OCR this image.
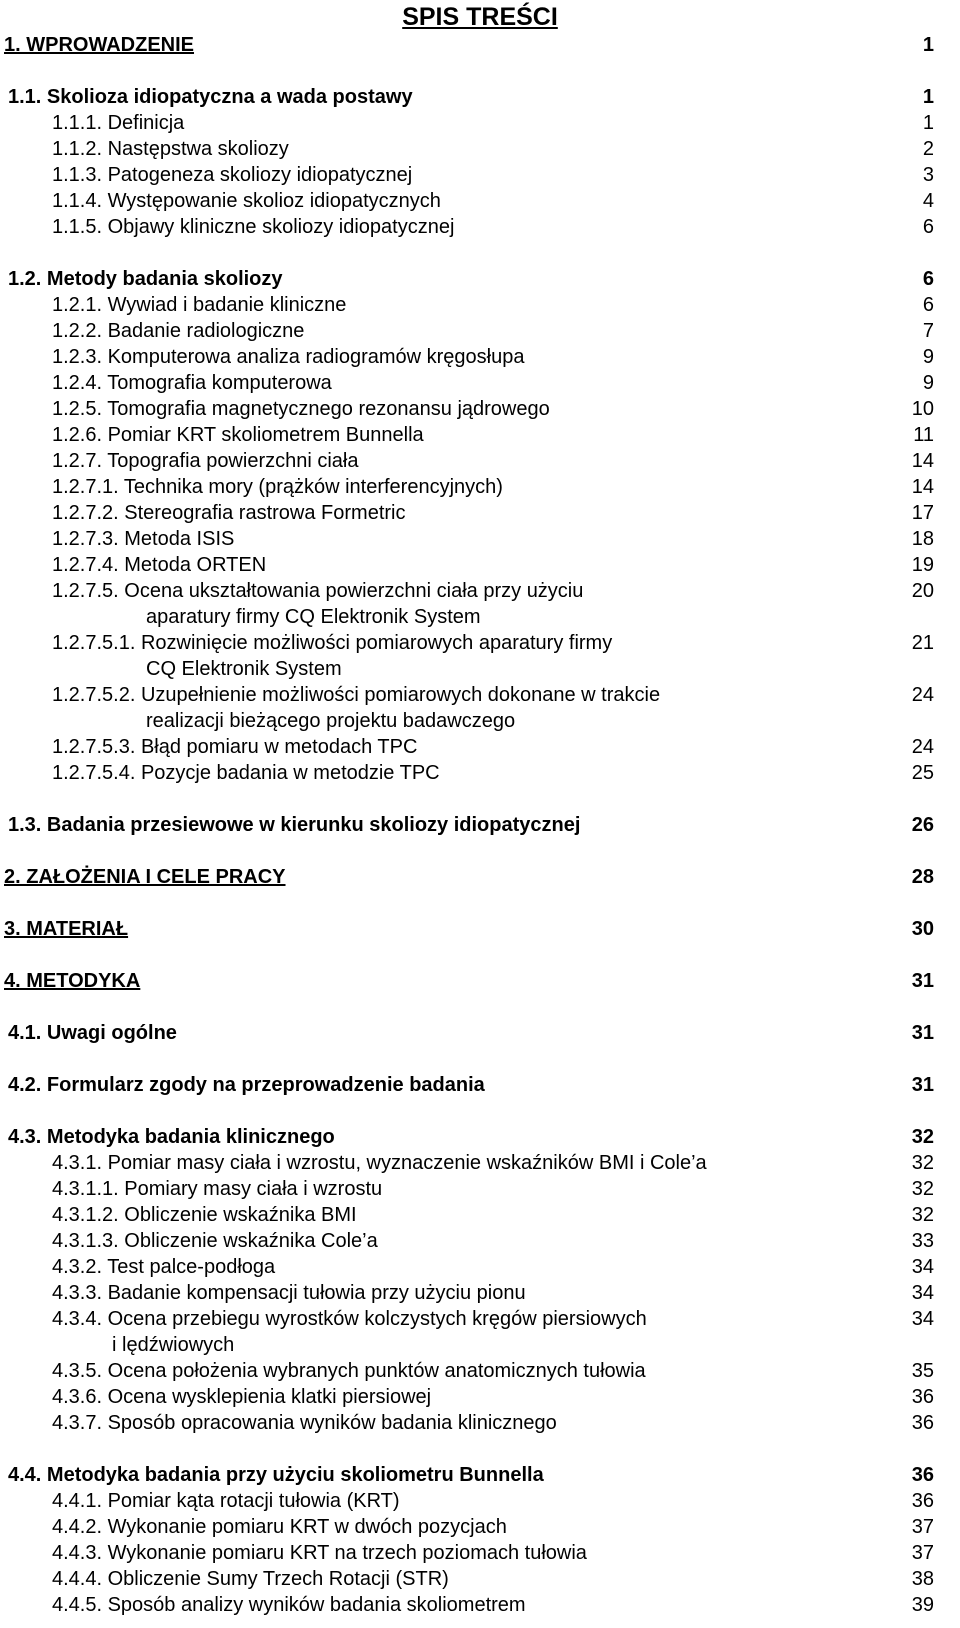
SPIS TREŚCI
1. WPROWADZENIE	1
1.1. Skolioza idiopatyczna a wada postawy	1
1.1.1. Definicja	1
1.1.2. Następstwa skoliozy	2
1.1.3. Patogeneza skoliozy idiopatycznej	3
1.1.4. Występowanie skolioz idiopatycznych	4
1.1.5. Objawy kliniczne skoliozy idiopatycznej	6
1.2. Metody badania skoliozy	6
1.2.1. Wywiad i badanie kliniczne	6
1.2.2. Badanie radiologiczne	7
1.2.3. Komputerowa analiza radiogramów kręgosłupa	9
1.2.4. Tomografia komputerowa	9
1.2.5. Tomografia magnetycznego rezonansu jądrowego	10
1.2.6. Pomiar KRT skoliometrem Bunnella	11
1.2.7. Topografia powierzchni ciała	14
1.2.7.1. Technika mory (prążków interferencyjnych)	14
1.2.7.2. Stereografia rastrowa Formetric	17
1.2.7.3. Metoda ISIS	18
1.2.7.4. Metoda ORTEN	19
1.2.7.5. Ocena ukształtowania powierzchni ciała przy użyciu	20
aparatury firmy CQ Elektronik System
1.2.7.5.1. Rozwinięcie możliwości pomiarowych aparatury firmy	21
CQ Elektronik System
1.2.7.5.2. Uzupełnienie możliwości pomiarowych dokonane w trakcie	24
realizacji bieżącego projektu badawczego
1.2.7.5.3. Błąd pomiaru w metodach TPC	24
1.2.7.5.4. Pozycje badania w metodzie TPC	25
1.3. Badania przesiewowe w kierunku skoliozy idiopatycznej	26
2. ZAŁOŻENIA I CELE PRACY	28
3. MATERIAŁ	30
4. METODYKA	31
4.1. Uwagi ogólne	31
4.2. Formularz zgody na przeprowadzenie badania	31
4.3. Metodyka badania klinicznego	32
4.3.1. Pomiar masy ciała i wzrostu, wyznaczenie wskaźników BMI i Cole’a	32
4.3.1.1. Pomiary masy ciała i wzrostu	32
4.3.1.2. Obliczenie wskaźnika BMI	32
4.3.1.3. Obliczenie wskaźnika Cole’a	33
4.3.2. Test palce-podłoga	34
4.3.3. Badanie kompensacji tułowia przy użyciu pionu	34
4.3.4. Ocena przebiegu wyrostków kolczystych kręgów piersiowych	34
i lędźwiowych
4.3.5. Ocena położenia wybranych punktów anatomicznych tułowia	35
4.3.6. Ocena wysklepienia klatki piersiowej	36
4.3.7. Sposób opracowania wyników badania klinicznego	36
4.4. Metodyka badania przy użyciu skoliometru Bunnella	36
4.4.1. Pomiar kąta rotacji tułowia (KRT)	36
4.4.2. Wykonanie pomiaru KRT w dwóch pozycjach	37
4.4.3. Wykonanie pomiaru KRT na trzech poziomach tułowia	37
4.4.4. Obliczenie Sumy Trzech Rotacji (STR)	38
4.4.5. Sposób analizy wyników badania skoliometrem	39
